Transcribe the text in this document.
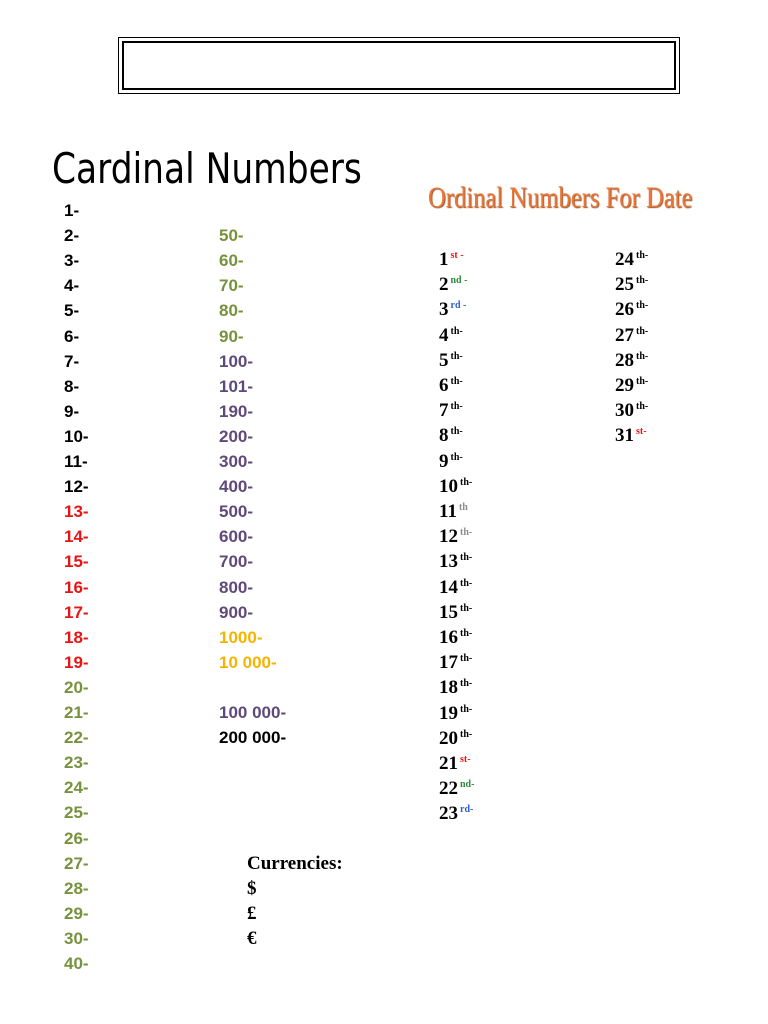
Cardinal Numbers
Ordinal Numbers For Date
1-
2-
3-
4-
5-
6-
7-
8-
9-
10-
11-
12-
13-
14-
15-
16-
17-
18-
19-
20-
21-
22-
23-
24-
25-
26-
27-
28-
29-
30-
40-
50-
60-
70-
80-
90-
100-
101-
190-
200-
300-
400-
500-
600-
700-
800-
900-
1000-
10 000-
100 000-
200 000-
1 $^{st -}$
2 $^{nd -}$
3 $^{rd -}$
4 $^{th-}$
5 $^{th-}$
6 $^{th-}$
7 $^{th-}$
8 $^{th-}$
9 $^{th-}$
10 $^{th-}$
11 $^{th}$
12 $^{th-}$
13 $^{th-}$
14 $^{th-}$
15 $^{th-}$
16 $^{th-}$
17 $^{th-}$
18 $^{th-}$
19 $^{th-}$
20 $^{th-}$
21 $^{st-}$
22 $^{nd-}$
23 $^{rd-}$
24 $^{th-}$
25 $^{th-}$
26 $^{th-}$
27 $^{th-}$
28 $^{th-}$
29 $^{th-}$
30 $^{th-}$
31 $^{st-}$
Currencies:
$
£
€
